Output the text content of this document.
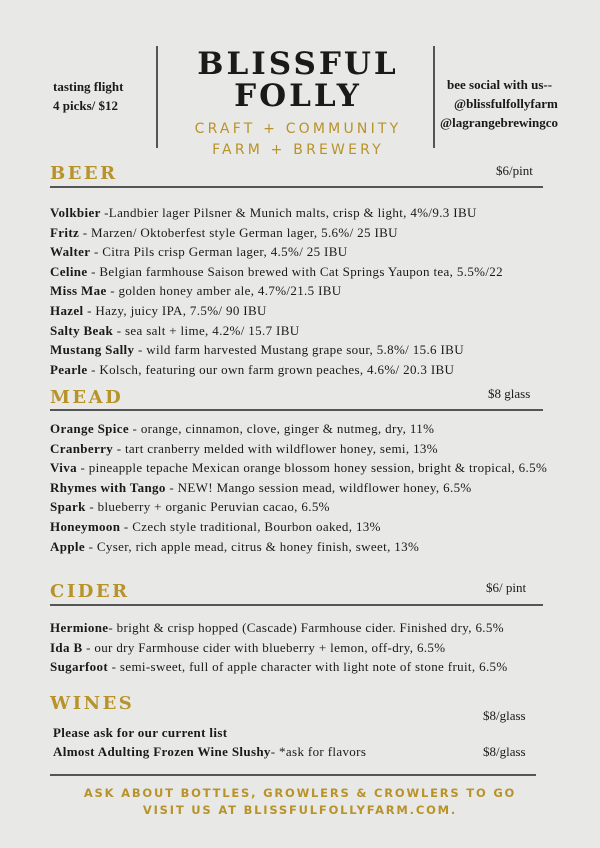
tasting flight
4 picks/ $12
BLISSFUL
FOLLY
CRAFT + COMMUNITY
FARM + BREWERY
bee social with us--
@blissfulfollyfarm
@lagrangebrewingco
BEER	$6/pint
Volkbier -Landbier lager Pilsner & Munich malts, crisp & light, 4%/9.3 IBU
Fritz - Marzen/ Oktoberfest style German lager, 5.6%/ 25 IBU
Walter - Citra Pils crisp German lager, 4.5%/ 25 IBU
Celine - Belgian farmhouse Saison brewed with Cat Springs Yaupon tea, 5.5%/22
Miss Mae - golden honey amber ale, 4.7%/21.5 IBU
Hazel - Hazy, juicy IPA, 7.5%/ 90 IBU
Salty Beak - sea salt + lime, 4.2%/ 15.7 IBU
Mustang Sally - wild farm harvested Mustang grape sour, 5.8%/ 15.6 IBU
Pearle - Kolsch, featuring our own farm grown peaches, 4.6%/ 20.3 IBU
MEAD	$8 glass
Orange Spice - orange, cinnamon, clove, ginger & nutmeg, dry, 11%
Cranberry - tart cranberry melded with wildflower honey, semi, 13%
Viva - pineapple tepache Mexican orange blossom honey session, bright & tropical, 6.5%
Rhymes with Tango - NEW! Mango session mead, wildflower honey, 6.5%
Spark - blueberry + organic Peruvian cacao, 6.5%
Honeymoon - Czech style traditional, Bourbon oaked, 13%
Apple - Cyser, rich apple mead, citrus & honey finish, sweet, 13%
CIDER	$6/ pint
Hermione- bright & crisp hopped (Cascade) Farmhouse cider. Finished dry, 6.5%
Ida B - our dry Farmhouse cider with blueberry + lemon, off-dry, 6.5%
Sugarfoot - semi-sweet, full of apple character with light note of stone fruit, 6.5%
WINES
$8/glass
Please ask for our current list
Almost Adulting Frozen Wine Slushy- *ask for flavors	$8/glass
ASK ABOUT BOTTLES, GROWLERS & CROWLERS TO GO
VISIT US AT BLISSFULFOLLYFARM.COM.
